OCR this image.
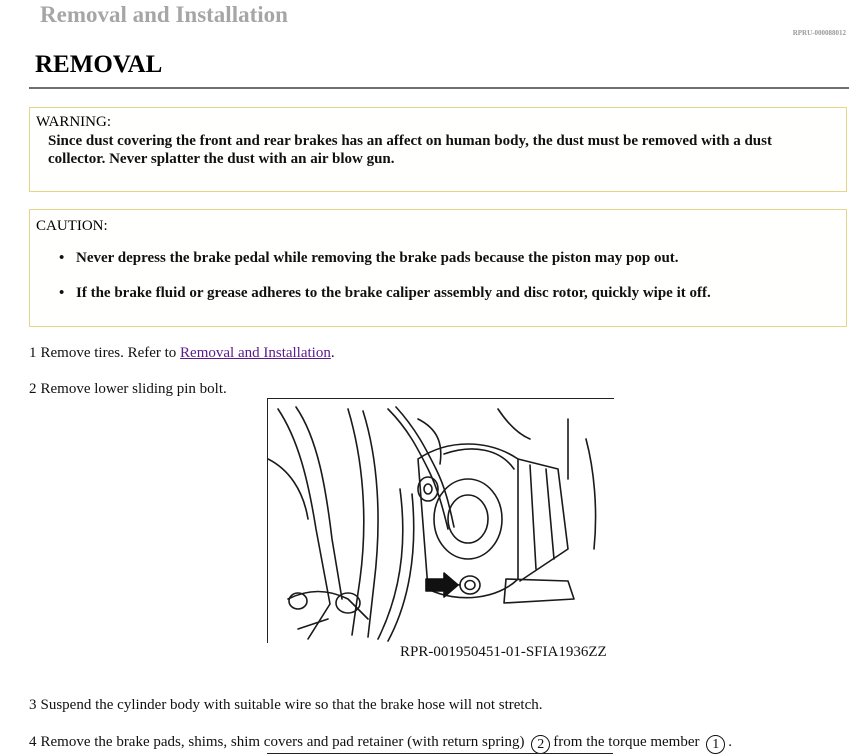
Removal and Installation
RPRU-000088012
REMOVAL
WARNING:
Since dust covering the front and rear brakes has an affect on human body, the dust must be removed with a dust collector. Never splatter the dust with an air blow gun.
CAUTION:
• Never depress the brake pedal while removing the brake pads because the piston may pop out.
• If the brake fluid or grease adheres to the brake caliper assembly and disc rotor, quickly wipe it off.
1 Remove tires. Refer to Removal and Installation.
2 Remove lower sliding pin bolt.
RPR-001950451-01-SFIA1936ZZ
3 Suspend the cylinder body with suitable wire so that the brake hose will not stretch.
4 Remove the brake pads, shims, shim covers and pad retainer (with return spring) 2 from the torque member 1 .
